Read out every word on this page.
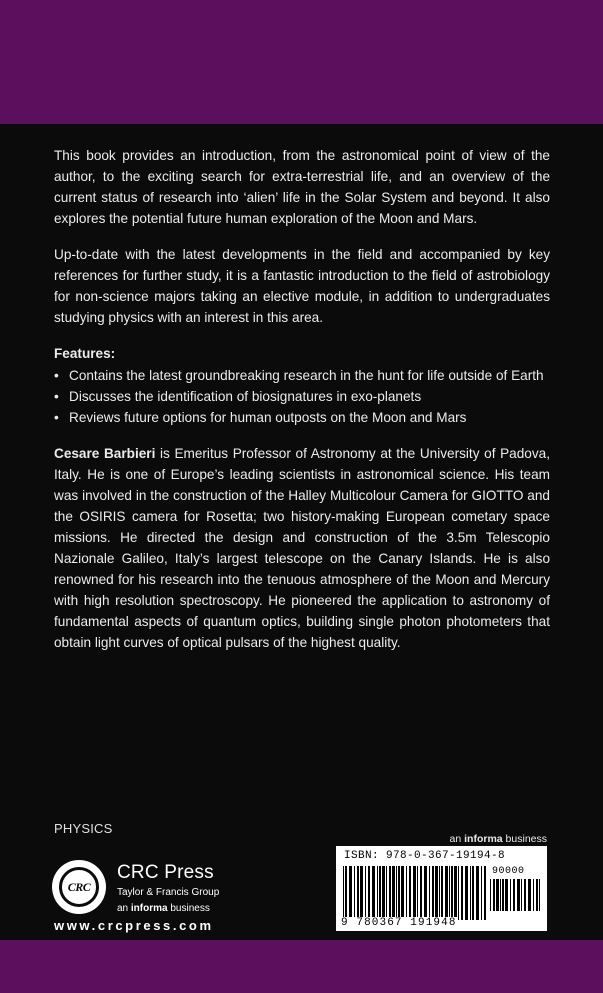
This book provides an introduction, from the astronomical point of view of the author, to the exciting search for extra-terrestrial life, and an overview of the current status of research into ‘alien’ life in the Solar System and beyond. It also explores the potential future human exploration of the Moon and Mars.

Up-to-date with the latest developments in the field and accompanied by key references for further study, it is a fantastic introduction to the field of astrobiology for non-science majors taking an elective module, in addition to undergraduates studying physics with an interest in this area.

Features:
• Contains the latest groundbreaking research in the hunt for life outside of Earth
• Discusses the identification of biosignatures in exo-planets
• Reviews future options for human outposts on the Moon and Mars

Cesare Barbieri is Emeritus Professor of Astronomy at the University of Padova, Italy. He is one of Europe’s leading scientists in astronomical science. His team was involved in the construction of the Halley Multicolour Camera for GIOTTO and the OSIRIS camera for Rosetta; two history-making European cometary space missions. He directed the design and construction of the 3.5m Telescopio Nazionale Galileo, Italy’s largest telescope on the Canary Islands. He is also renowned for his research into the tenuous atmosphere of the Moon and Mercury with high resolution spectroscopy. He pioneered the application to astronomy of fundamental aspects of quantum optics, building single photon photometers that obtain light curves of optical pulsars of the highest quality.

PHYSICS
an informa business
CRC
CRC Press
Taylor & Francis Group
an informa business
www.crcpress.com
ISBN: 978-0-367-19194-8
90000
9 780367 191948
